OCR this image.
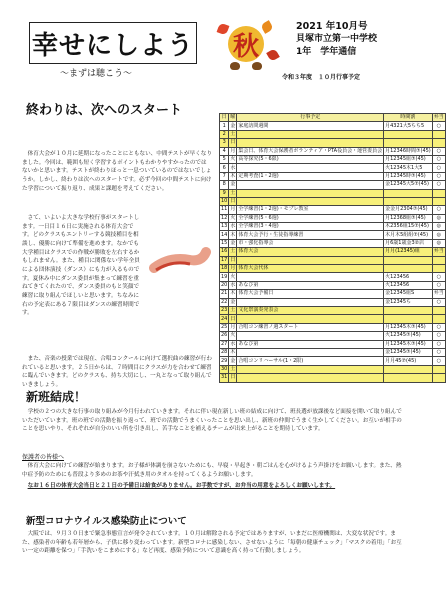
幸せにしよう
～まずは聴こう～
秋
2021 年10月号
貝塚市立第一中学校
1年　学年通信
令和３年度　１０月行事予定
終わりは、次へのスタート

体育大会が１０月に延期になったことにともない、中間テストが早くなりました。今回は、範囲も短く学習するポイントもわかりやすかったのではないかと思います。テストが終わりほっと一息ついているのではないでしょうか。しかし、終わりは次へのスタートです。必ず今回の中間テストに向けた学習について振り返り、成果と課題を考えてください。

さて、いよいよ大きな学校行事がスタートします。一日目１６日に実施される体育大会です。どのクラスもエントリーする競技種目を相談し、優勝に向けて準備を進めます。なかでも大学種目はクラスでの作戦が勝敗を左右するかもしれません。また、種目に関係ない学年全員による団体演技（ダンス）にも力が入るものです。夏休み中にダンス委員が集まって練習を重ねてきてくれたので、ダンス委員のもと笑顔で練習に取り組んでほしいと思います。ちなみに右の予定表にある７限目はダンスの練習時間です。

また、音楽の授業では現在、合唱コンクールに向けて選択曲の練習が行われていると思います。２５日からは、７時間目にクラスが力を合わせて練習に臨んでいきます。どのクラスも、持ち大切にし、一丸となって取り組んでいきましょう。

日	曜	行事予定	時間割	弁当
1	金	家庭訪問週間	月4321大5ちち5	○
2	土			
3	日			
4	月	集会日、体育大会保護者ボランティア・PTA役員会・運営委員会	月12346時間⑦(45)	○
5	火	高等探究(5・6限)	月12345組⑦(45)	○
6	水		火12345木1大5	○
7	木	定期考査(1・2週)	月12345時⑦(45)	○
8	金		金12345大5⑦(45)	○
9	土			
10	日			
11	月	全学練習(1・2週)・モブレ教室	金金月2304⑦(45)	○
12	火	全学練習(5・6週)	月12368組⑦(45)	◎
13	水	全学練習(3・4週)	木2356組15⑦(45)	◎
14	木	体育大会予行・生徒指導練習	木月木5組組⑦(45)	◎
15	金	市・強化指導会	月6歳1歳金3②店	◎
16	土	体育大会	月月(12345)組	弁当
17	日			
18	月	体育大会代休		
19	火		火123456	○
20	水	あなび第	火123456	○
21	木	体育大会予備日	金12345組S	弁当
22	金		金12345ち	○
23	土	文化祭演奏発表会		
24	日			
25	月	合唱コン練習ノ週スタート	月12345木⑦(45)	○
26	火		火12345⑦(45)	○
27	水	あなび第	月12345木⑦(45)	○
28	木		金12345⑦(45)	○
29	金	合唱コンリハーサル(1・2限)	月月45⑦(45)	○
30	土			
31	日			
新班結成！

学校の２つの大きな行事の取り組みが今月行われていきます。それに伴い現在新しい班の結成に向けて、班長選が放課後など面接を開いて取り組んでいただいています。班の班での活動を振り返って、班での活動でうまくいったことを思い出し、新班の仲間でうまく生かしてください。お互いが相手のことを思いやり、それぞれが自分のいい所を引き出し、苦手なことを補えるチームが出来上がることを期待しています。

保護者の皆様へ

体育大会に向けての練習が始まります。お子様が体調を崩さないためにも、早寝・早起き・朝ごはんを心がけるよう声掛けをお願いします。また、熱中症予防のためにも普段より多めのお茶や汗拭き用のタオルを持ってくるようお願いします。

なお１６日の体育大会当日と２１日の予備日は給食がありません。お手数ですが、お弁当の用意をよろしくお願いします。

新型コロナウイルス感染防止について

大阪では、９月３０日まで緊急事態宣言が発令されています。１０月は解除される予定ではありますが、いまだに医療機関は、大変な状況です。また、感染者の年齢も若年層から、子供に移り変わっています。新型コロナに感染しない、させないように「毎朝の健康チェック」「マスクの着用」「お互い一定の距離を保つ」「手洗いをこまめにする」など再度、感染予防について意識を高く持って行動しましょう。
